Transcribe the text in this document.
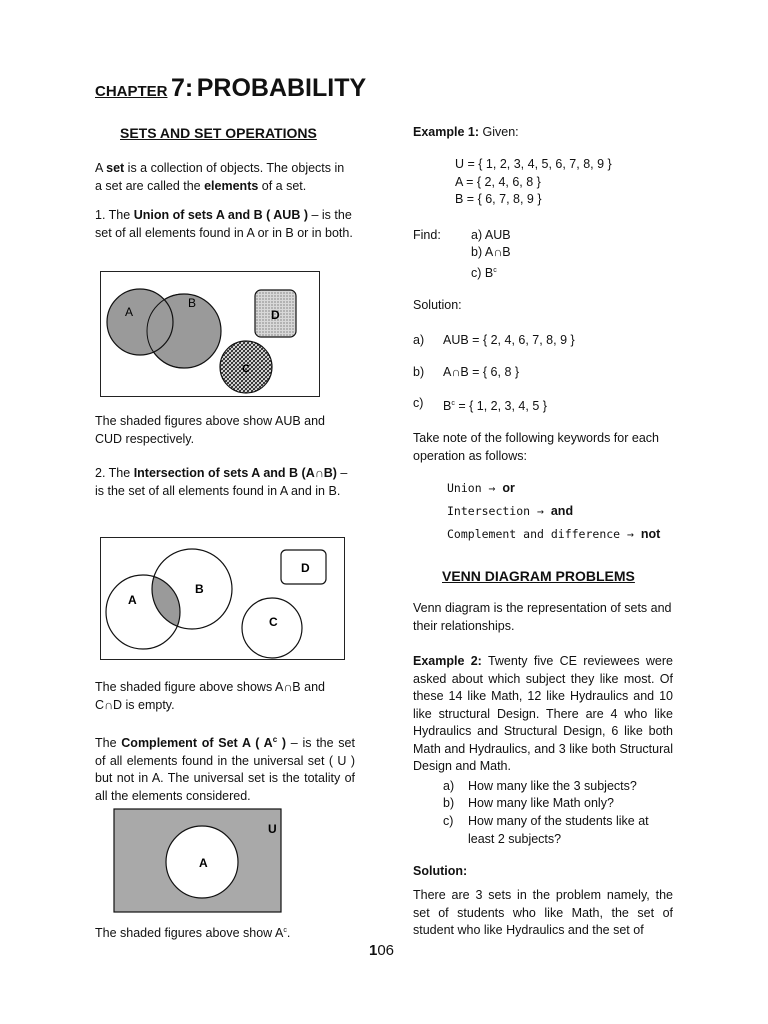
CHAPTER 7: PROBABILITY
SETS AND SET OPERATIONS

A set is a collection of objects. The objects in a set are called the elements of a set.

1. The Union of sets A and B ( AUB ) – is the set of all elements found in A or in B or in both.

A
B
D
C

The shaded figures above show AUB and CUD respectively.

2. The Intersection of sets A and B (A∩B) – is the set of all elements found in A and in B.

A
B
D
C

The shaded figure above shows A∩B and C∩D is empty.

The Complement of Set A ( $A^c$ ) – is the set of all elements found in the universal set ( U ) but not in A. The universal set is the totality of all the elements considered.

U
A

The shaded figures above show $A^c$.

Example 1: Given:

U = { 1, 2, 3, 4, 5, 6, 7, 8, 9 }
A = { 2, 4, 6, 8 }
B = { 6, 7, 8, 9 }
Find: a) AUB
b) A∩B
c) $B^c$
Solution:
a) AUB = { 2, 4, 6, 7, 8, 9 }
b) A∩B = { 6, 8 }
c) $B^c$ = { 1, 2, 3, 4, 5 }

Take note of the following keywords for each operation as follows:

Union → or
Intersection → and
Complement and difference → not
VENN DIAGRAM PROBLEMS

Venn diagram is the representation of sets and their relationships.

Example 2: Twenty five CE reviewees were asked about which subject they like most. Of these 14 like Math, 12 like Hydraulics and 10 like structural Design. There are 4 who like Hydraulics and Structural Design, 6 like both Math and Hydraulics, and 3 like both Structural Design and Math.

a) How many like the 3 subjects?
b) How many like Math only?
c) How many of the students like at least 2 subjects?
Solution:

There are 3 sets in the problem namely, the set of students who like Math, the set of student who like Hydraulics and the set of

106
